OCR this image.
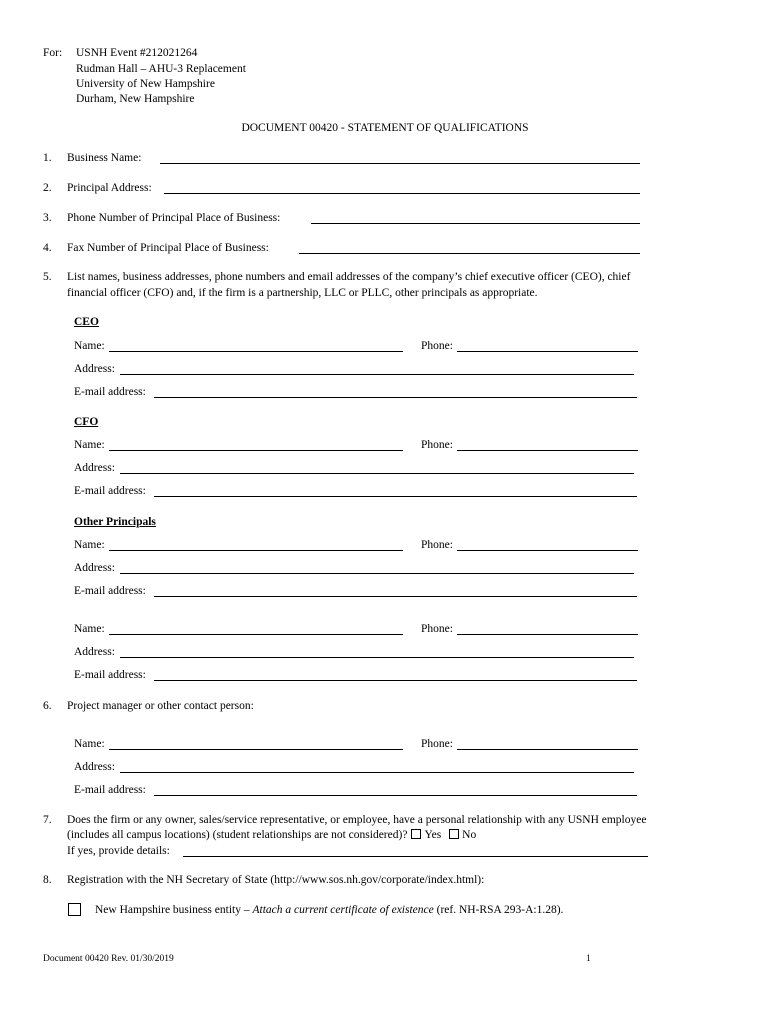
For: USNH Event #212021264
Rudman Hall – AHU-3 Replacement
University of New Hampshire
Durham, New Hampshire
DOCUMENT 00420 - STATEMENT OF QUALIFICATIONS
1. Business Name:
2. Principal Address:
3. Phone Number of Principal Place of Business:
4. Fax Number of Principal Place of Business:
5. List names, business addresses, phone numbers and email addresses of the company’s chief executive officer (CEO), chief
financial officer (CFO) and, if the firm is a partnership, LLC or PLLC, other principals as appropriate.
CEO
Name:	Phone:
Address:
E-mail address:
CFO
Name:	Phone:
Address:
E-mail address:
Other Principals
Name:	Phone:
Address:
E-mail address:
Name:	Phone:
Address:
E-mail address:
6. Project manager or other contact person:
Name:	Phone:
Address:
E-mail address:
7. Does the firm or any owner, sales/service representative, or employee, have a personal relationship with any USNH employee
(includes all campus locations) (student relationships are not considered)? Yes No
If yes, provide details:
8. Registration with the NH Secretary of State (http://www.sos.nh.gov/corporate/index.html):
New Hampshire business entity – Attach a current certificate of existence (ref. NH-RSA 293-A:1.28).
Document 00420 Rev. 01/30/2019	1
